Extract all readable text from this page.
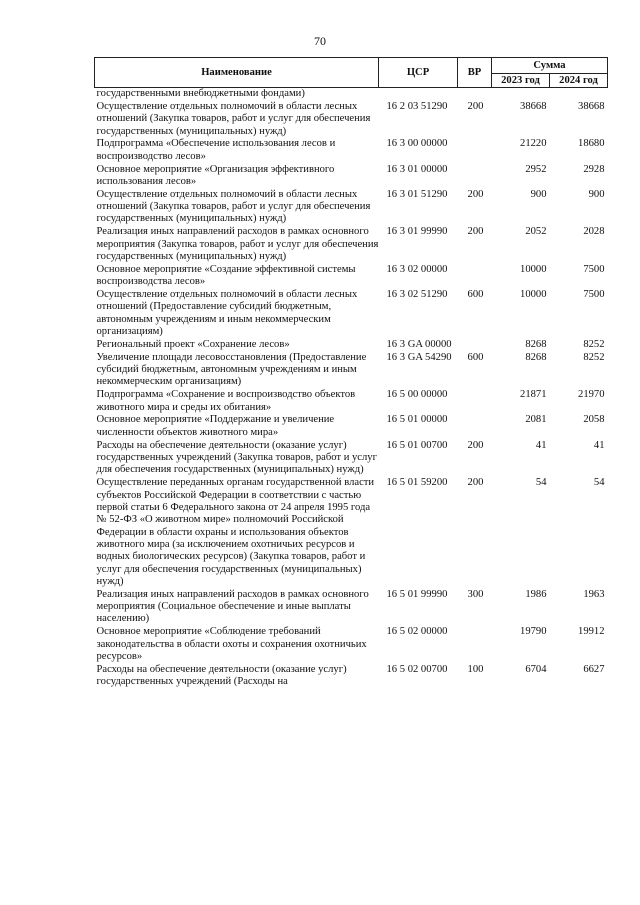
70
Наименование	ЦСР	ВР	Сумма	
			2023 год	2024 год
государственными внебюджетными фондами)				
Осуществление отдельных полномочий в области лесных отношений (Закупка товаров, работ и услуг для обеспечения государственных (муниципальных) нужд)	16 2 03 51290	200	38668	38668
Подпрограмма «Обеспечение использования лесов и воспроизводство лесов»	16 3 00 00000		21220	18680
Основное мероприятие «Организация эффективного использования лесов»	16 3 01 00000		2952	2928
Осуществление отдельных полномочий в области лесных отношений (Закупка товаров, работ и услуг для обеспечения государственных (муниципальных) нужд)	16 3 01 51290	200	900	900
Реализация иных направлений расходов в рамках основного мероприятия (Закупка товаров, работ и услуг для обеспечения государственных (муниципальных) нужд)	16 3 01 99990	200	2052	2028
Основное мероприятие «Создание эффективной системы воспроизводства лесов»	16 3 02 00000		10000	7500
Осуществление отдельных полномочий в области лесных отношений (Предоставление субсидий бюджетным, автономным учреждениям и иным некоммерческим организациям)	16 3 02 51290	600	10000	7500
Региональный проект «Сохранение лесов»	16 3 GA 00000		8268	8252
Увеличение площади лесовосстановления (Предоставление субсидий бюджетным, автономным учреждениям и иным некоммерческим организациям)	16 3 GA 54290	600	8268	8252
Подпрограмма «Сохранение и воспроизводство объектов животного мира и среды их обитания»	16 5 00 00000		21871	21970
Основное мероприятие «Поддержание и увеличение численности объектов животного мира»	16 5 01 00000		2081	2058
Расходы на обеспечение деятельности (оказание услуг) государственных учреждений (Закупка товаров, работ и услуг для обеспечения государственных (муниципальных) нужд)	16 5 01 00700	200	41	41
Осуществление переданных органам государственной власти субъектов Российской Федерации в соответствии с частью первой статьи 6 Федерального закона от 24 апреля 1995 года № 52-ФЗ «О животном мире» полномочий Российской Федерации в области охраны и использования объектов животного мира (за исключением охотничьих ресурсов и водных биологических ресурсов) (Закупка товаров, работ и услуг для обеспечения государственных (муниципальных) нужд)	16 5 01 59200	200	54	54
Реализация иных направлений расходов в рамках основного мероприятия (Социальное обеспечение и иные выплаты населению)	16 5 01 99990	300	1986	1963
Основное мероприятие «Соблюдение требований законодательства в области охоты и сохранения охотничьих ресурсов»	16 5 02 00000		19790	19912
Расходы на обеспечение деятельности (оказание услуг) государственных учреждений (Расходы на	16 5 02 00700	100	6704	6627
